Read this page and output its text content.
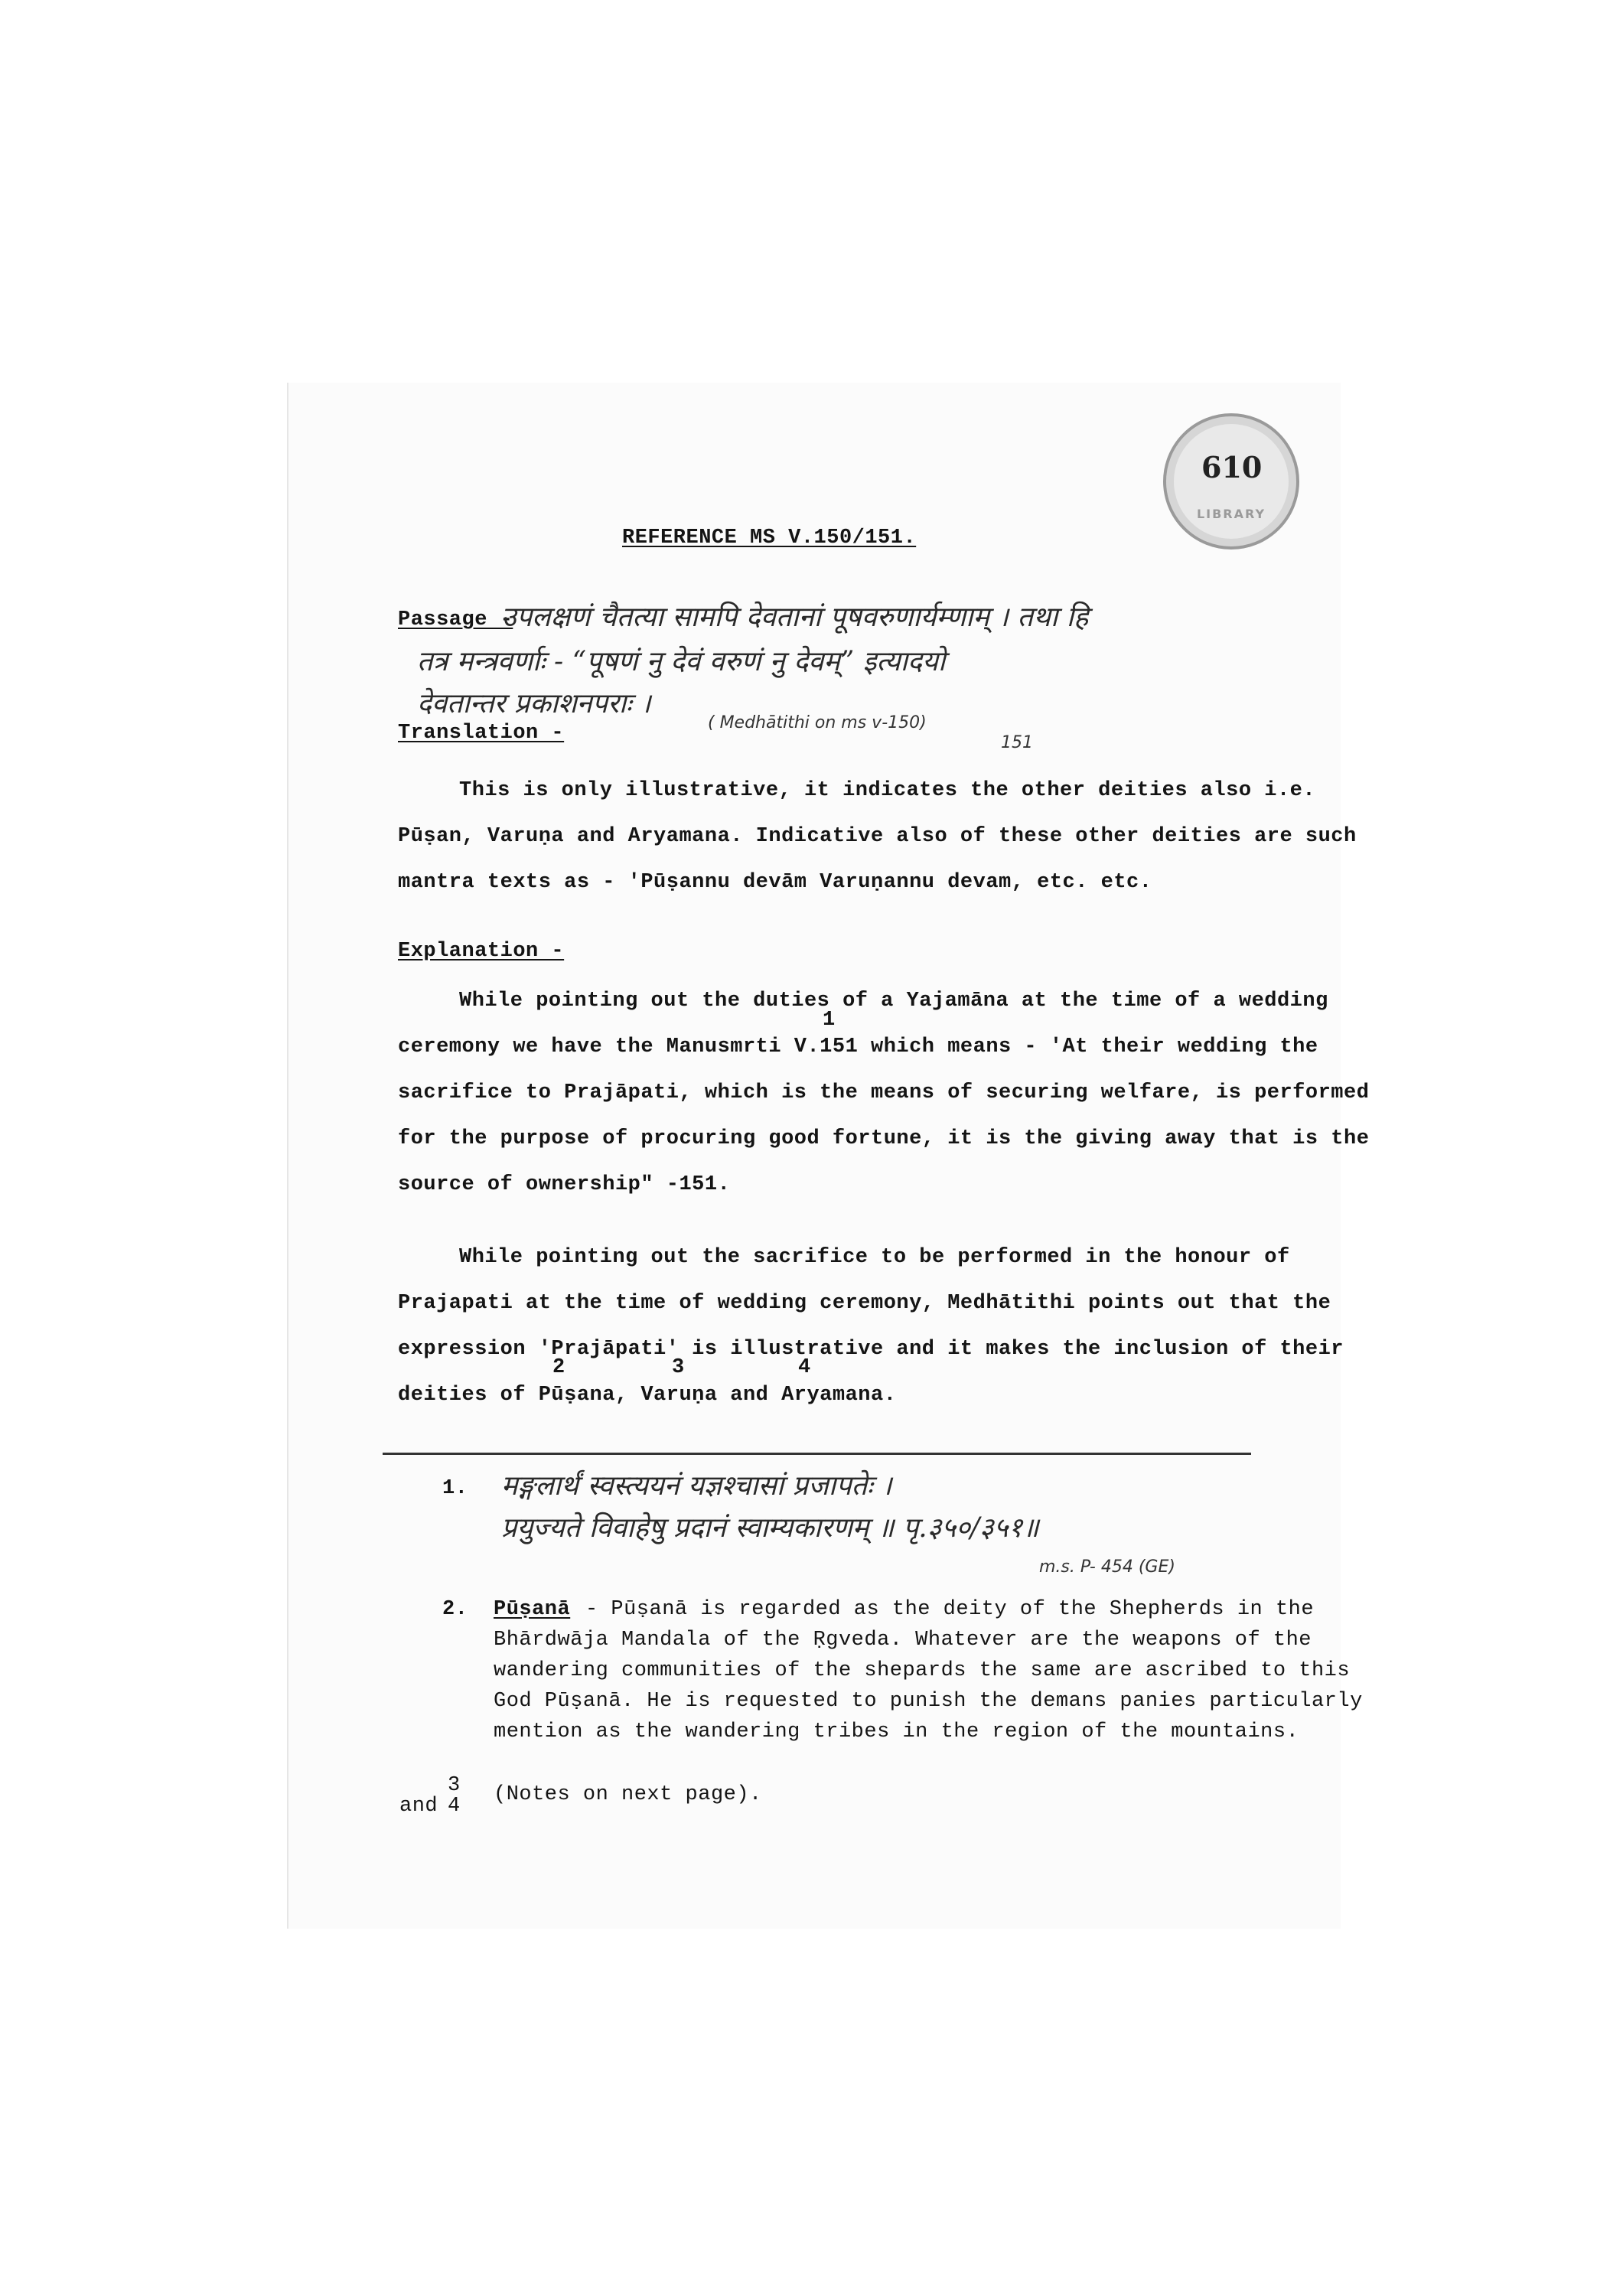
LIBRARY
610
REFERENCE MS V.150/151.
Passage -
उपलक्षणं चैतत्या सामपि देवतानां पूषवरुणार्यम्णाम् । तथा हि
तत्र मन्त्रवर्णाः - “पूषणं नु देवं वरुणं नु देवम्” इत्यादयो
देवतान्तर प्रकाशनपराः ।
Translation -	( Medhātithi on ms v-150)
151
This is only illustrative, it indicates the other deities also i.e.
Pūṣan, Varuṇa and Aryamana. Indicative also of these other deities are such
mantra texts as - 'Pūṣannu devām Varuṇannu devam, etc. etc.
Explanation -
While pointing out the duties of a Yajamāna at the time of a wedding
1
ceremony we have the Manusmrti V.151 which means - 'At their wedding the
sacrifice to Prajāpati, which is the means of securing welfare, is performed
for the purpose of procuring good fortune, it is the giving away that is the
source of ownership" -151.
While pointing out the sacrifice to be performed in the honour of
Prajapati at the time of wedding ceremony, Medhātithi points out that the
expression 'Prajāpati' is illustrative and it makes the inclusion of their
2	3	4
deities of Pūṣana, Varuṇa and Aryamana.
1. मङ्गलार्थं स्वस्त्ययनं यज्ञश्चासां प्रजापतेः ।
प्रयुज्यते विवाहेषु प्रदानं स्वाम्यकारणम् ॥ पृ.३५०/३५१॥
m.s. P- 454 (GE)
2. Pūṣanā - Pūṣanā is regarded as the deity of the Shepherds in the
Bhārdwāja Mandala of the Ṛgveda. Whatever are the weapons of the
wandering communities of the shepards the same are ascribed to this
God Pūṣanā. He is requested to punish the demans panies particularly
mention as the wandering tribes in the region of the mountains.
3
and 4 (Notes on next page).
